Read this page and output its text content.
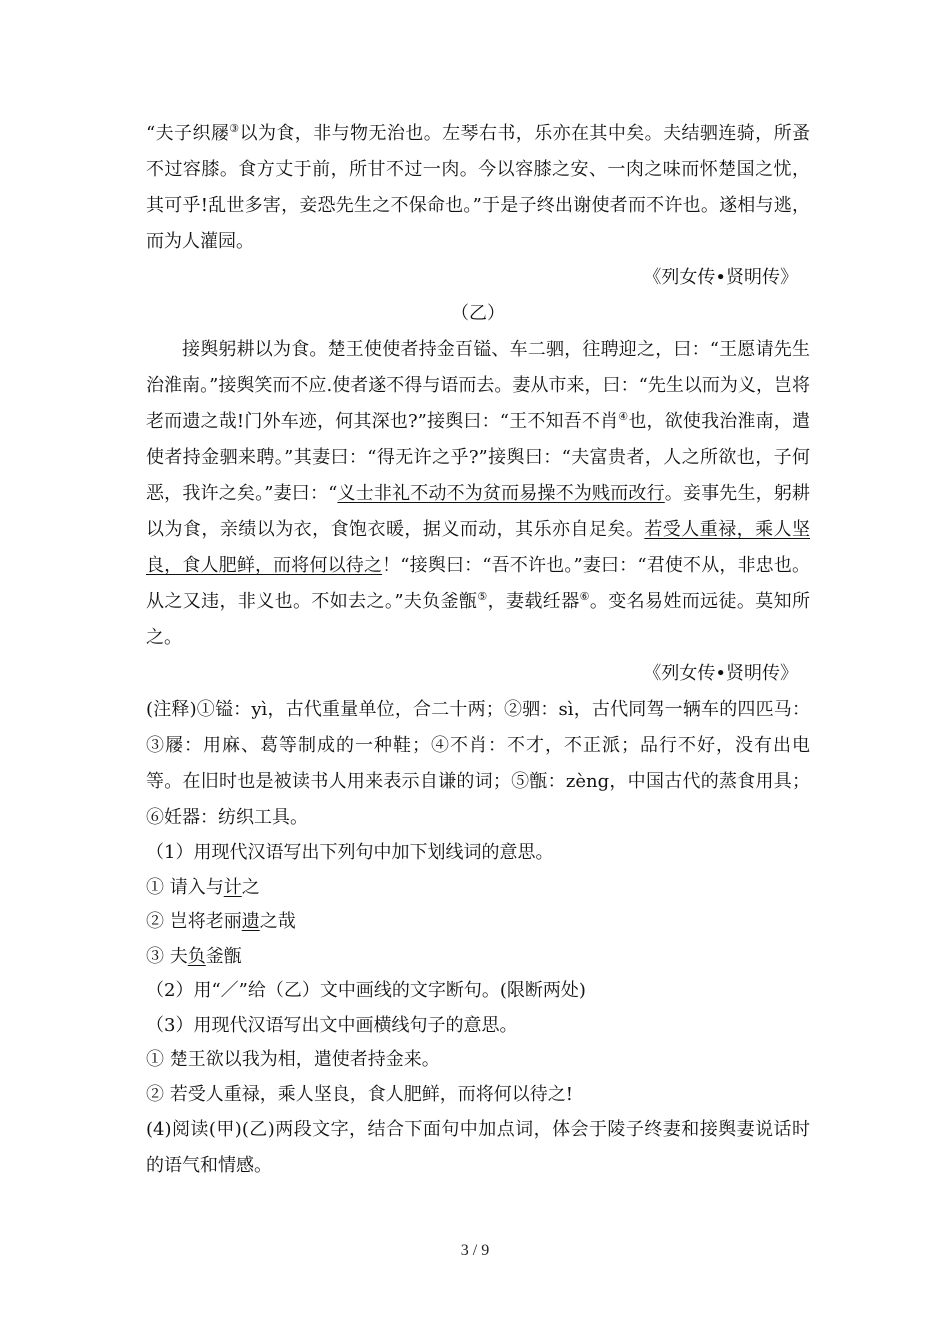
“夫子织屦③以为食，非与物无治也。左琴右书，乐亦在其中矣。夫结驷连骑，所蚤不过容膝。食方丈于前，所甘不过一肉。今以容膝之安、一肉之味而怀楚国之忧，其可乎!乱世多害，妾恐先生之不保命也。”于是子终出谢使者而不许也。遂相与逃，而为人灌园。

《列女传•贤明传》

（乙）

接舆躬耕以为食。楚王使使者持金百镒、车二驷，往聘迎之，曰：“王愿请先生治淮南。”接舆笑而不应.使者遂不得与语而去。妻从市来，曰：“先生以而为义，岂将老而遗之哉!门外车迹，何其深也?”接舆曰：“王不知吾不肖④也，欲使我治淮南，遣使者持金驷来聘。”其妻曰：“得无许之乎?”接舆曰：“夫富贵者，人之所欲也，子何恶，我许之矣。”妻曰：“义士非礼不动不为贫而易操不为贱而改行。妾事先生，躬耕以为食，亲绩以为衣，食饱衣暖，据义而动，其乐亦自足矣。若受人重禄，乘人坚良，食人肥鲜，而将何以待之！“接舆曰：“吾不许也。”妻曰：“君使不从，非忠也。从之又违，非义也。不如去之。”夫负釜甑⑤，妻载纴器⑥。变名易姓而远徒。莫知所之。

《列女传•贤明传》

(注释)①镒：yì，古代重量单位，合二十两；②驷：sì，古代同驾一辆车的四匹马：③屦：用麻、葛等制成的一种鞋；④不肖：不才，不正派；品行不好，没有出电等。在旧时也是被读书人用来表示自谦的词；⑤甑：zèng，中国古代的蒸食用具；⑥妊器：纺织工具。

（1）用现代汉语写出下列句中加下划线词的意思。

① 请入与计之

② 岂将老丽遗之哉

③ 夫负釜甑

（2）用“／”给（乙）文中画线的文字断句。(限断两处)

（3）用现代汉语写出文中画横线句子的意思。

① 楚王欲以我为相，遣使者持金来。

② 若受人重禄，乘人坚良，食人肥鲜，而将何以待之!

(4)阅读(甲)(乙)两段文字，结合下面句中加点词，体会于陵子终妻和接舆妻说话时的语气和情感。

3 / 9
